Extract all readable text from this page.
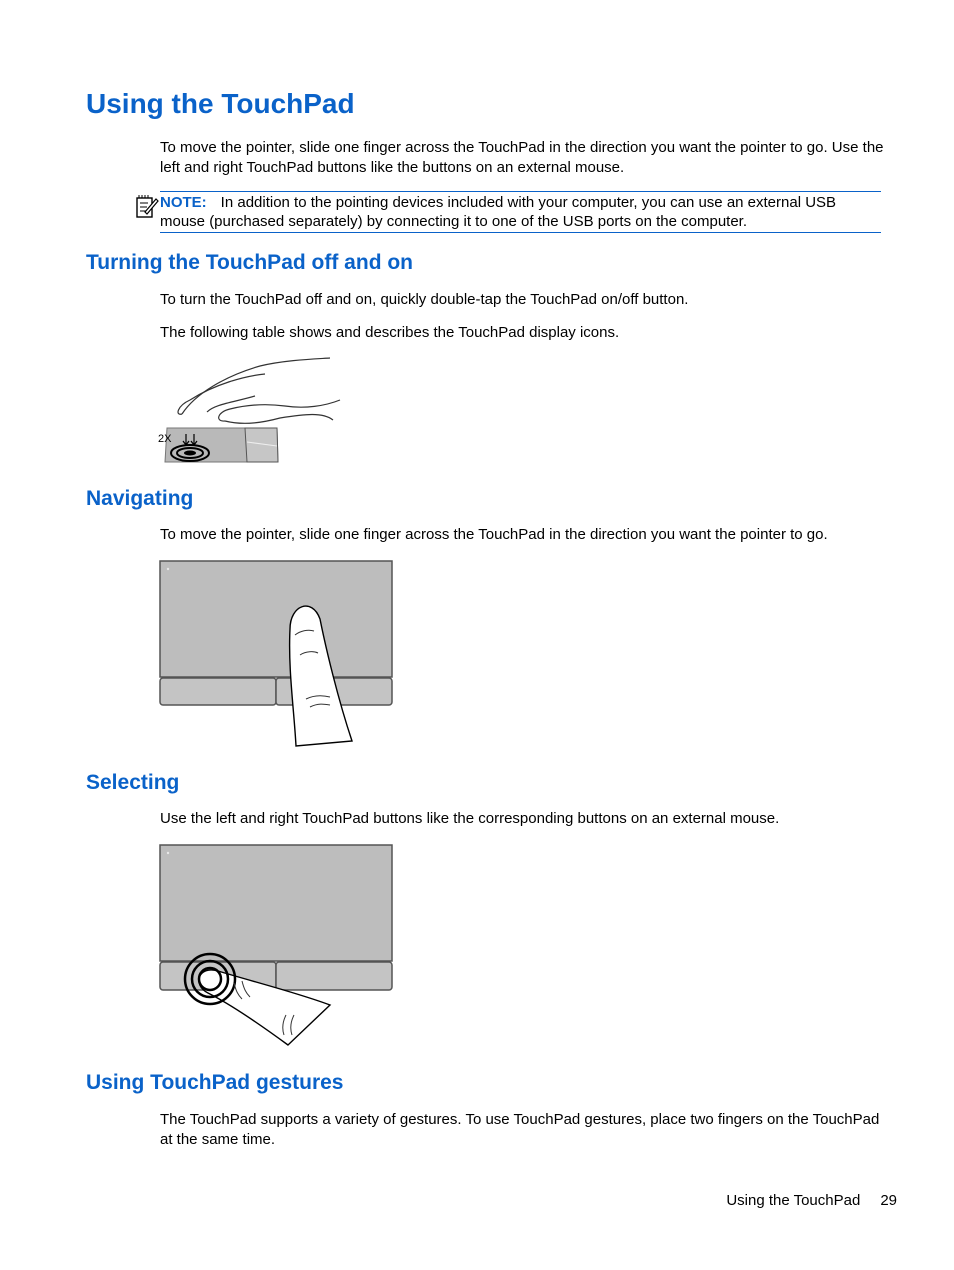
Using the TouchPad

To move the pointer, slide one finger across the TouchPad in the direction you want the pointer to go. Use the left and right TouchPad buttons like the buttons on an external mouse.

NOTE: In addition to the pointing devices included with your computer, you can use an external USB mouse (purchased separately) by connecting it to one of the USB ports on the computer.

Turning the TouchPad off and on

To turn the TouchPad off and on, quickly double-tap the TouchPad on/off button.

The following table shows and describes the TouchPad display icons.

2X
Navigating

To move the pointer, slide one finger across the TouchPad in the direction you want the pointer to go.

Selecting

Use the left and right TouchPad buttons like the corresponding buttons on an external mouse.

Using TouchPad gestures

The TouchPad supports a variety of gestures. To use TouchPad gestures, place two fingers on the TouchPad at the same time.

Using the TouchPad 29
